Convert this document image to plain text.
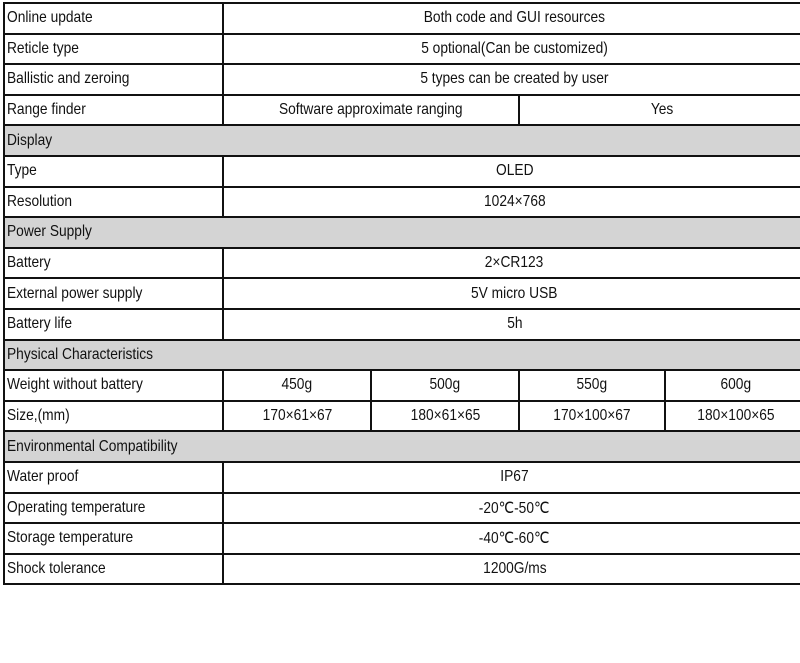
Online update	Both code and GUI resources			
Reticle type	5 optional(Can be customized)			
Ballistic and zeroing	5 types can be created by user			
Range finder	Software approximate ranging		Yes	
Display				
Type	OLED			
Resolution	1024×768			
Power Supply				
Battery	2×CR123			
External power supply	5V micro USB			
Battery life	5h			
Physical Characteristics				
Weight without battery	450g	500g	550g	600g
Size,(mm)	170×61×67	180×61×65	170×100×67	180×100×65
Environmental Compatibility				
Water proof	IP67			
Operating temperature	-20℃-50℃			
Storage temperature	-40℃-60℃			
Shock tolerance	1200G/ms			
